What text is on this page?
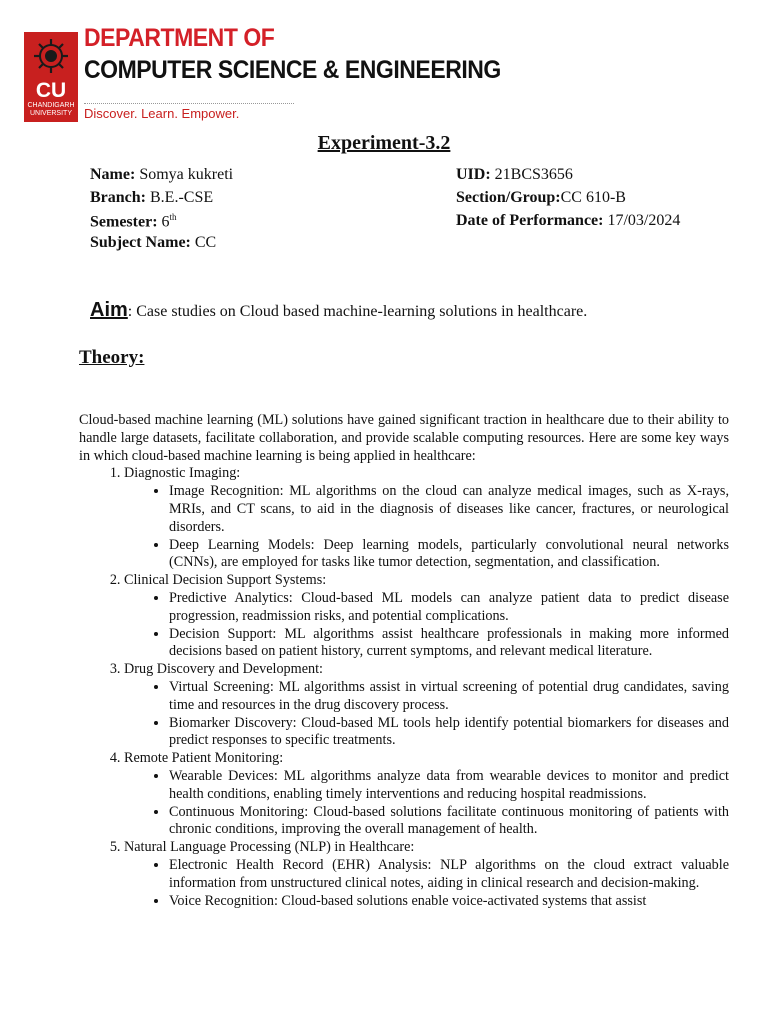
CU
CHANDIGARH UNIVERSITY
DEPARTMENT OF
COMPUTER SCIENCE & ENGINEERING
Discover. Learn. Empower.
Experiment-3.2
Name: Somya kukreti	UID: 21BCS3656
Branch: B.E.-CSE	Section/Group:CC 610-B
Semester: 6th	Date of Performance: 17/03/2024
Subject Name: CC
Aim: Case studies on Cloud based machine-learning solutions in healthcare.
Theory:

Cloud-based machine learning (ML) solutions have gained significant traction in healthcare due to their ability to handle large datasets, facilitate collaboration, and provide scalable computing resources. Here are some key ways in which cloud-based machine learning is being applied in healthcare:

1. Diagnostic Imaging:
• Image Recognition: ML algorithms on the cloud can analyze medical images, such as X-rays, MRIs, and CT scans, to aid in the diagnosis of diseases like cancer, fractures, or neurological disorders.
• Deep Learning Models: Deep learning models, particularly convolutional neural networks (CNNs), are employed for tasks like tumor detection, segmentation, and classification.
2. Clinical Decision Support Systems:
• Predictive Analytics: Cloud-based ML models can analyze patient data to predict disease progression, readmission risks, and potential complications.
• Decision Support: ML algorithms assist healthcare professionals in making more informed decisions based on patient history, current symptoms, and relevant medical literature.
3. Drug Discovery and Development:
• Virtual Screening: ML algorithms assist in virtual screening of potential drug candidates, saving time and resources in the drug discovery process.
• Biomarker Discovery: Cloud-based ML tools help identify potential biomarkers for diseases and predict responses to specific treatments.
4. Remote Patient Monitoring:
• Wearable Devices: ML algorithms analyze data from wearable devices to monitor and predict health conditions, enabling timely interventions and reducing hospital readmissions.
• Continuous Monitoring: Cloud-based solutions facilitate continuous monitoring of patients with chronic conditions, improving the overall management of health.
5. Natural Language Processing (NLP) in Healthcare:
• Electronic Health Record (EHR) Analysis: NLP algorithms on the cloud extract valuable information from unstructured clinical notes, aiding in clinical research and decision-making.
• Voice Recognition: Cloud-based solutions enable voice-activated systems that assist
